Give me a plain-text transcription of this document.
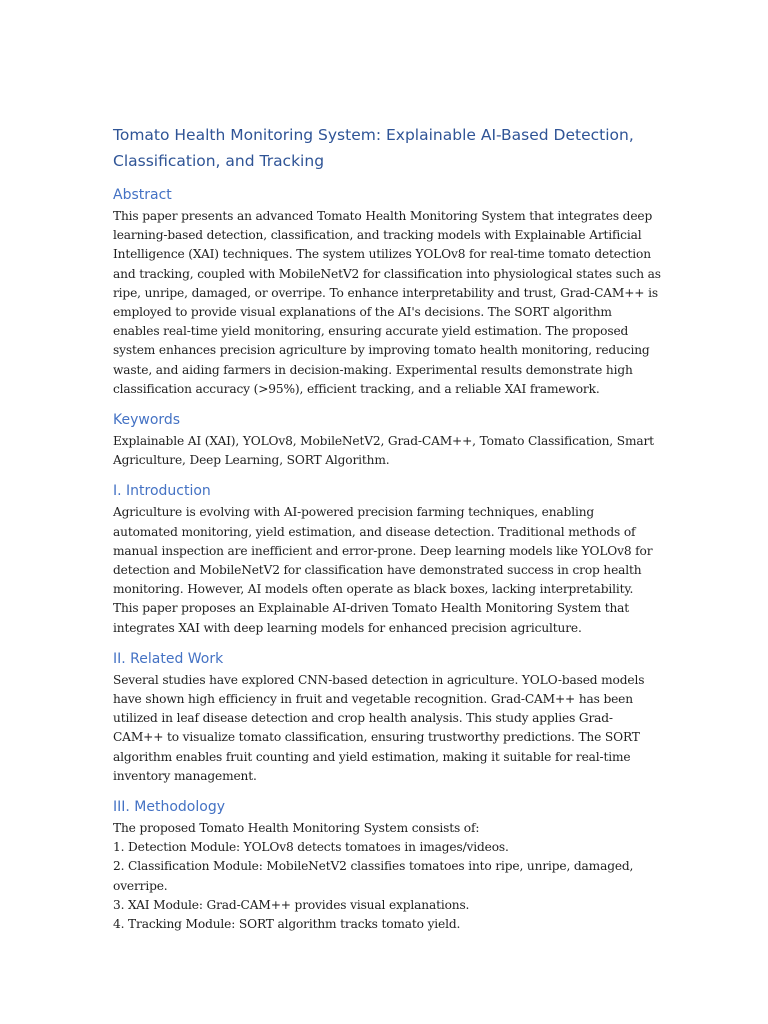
Tomato Health Monitoring System: Explainable AI-Based Detection, Classification, and Tracking
Abstract

This paper presents an advanced Tomato Health Monitoring System that integrates deep learning-based detection, classification, and tracking models with Explainable Artificial Intelligence (XAI) techniques. The system utilizes YOLOv8 for real-time tomato detection and tracking, coupled with MobileNetV2 for classification into physiological states such as ripe, unripe, damaged, or overripe. To enhance interpretability and trust, Grad-CAM++ is employed to provide visual explanations of the AI's decisions. The SORT algorithm enables real-time yield monitoring, ensuring accurate yield estimation. The proposed system enhances precision agriculture by improving tomato health monitoring, reducing waste, and aiding farmers in decision-making. Experimental results demonstrate high classification accuracy (>95%), efficient tracking, and a reliable XAI framework.

Keywords

Explainable AI (XAI), YOLOv8, MobileNetV2, Grad-CAM++, Tomato Classification, Smart Agriculture, Deep Learning, SORT Algorithm.

I. Introduction

Agriculture is evolving with AI-powered precision farming techniques, enabling automated monitoring, yield estimation, and disease detection. Traditional methods of manual inspection are inefficient and error-prone. Deep learning models like YOLOv8 for detection and MobileNetV2 for classification have demonstrated success in crop health monitoring. However, AI models often operate as black boxes, lacking interpretability. This paper proposes an Explainable AI-driven Tomato Health Monitoring System that integrates XAI with deep learning models for enhanced precision agriculture.

II. Related Work

Several studies have explored CNN-based detection in agriculture. YOLO-based models have shown high efficiency in fruit and vegetable recognition. Grad-CAM++ has been utilized in leaf disease detection and crop health analysis. This study applies Grad-CAM++ to visualize tomato classification, ensuring trustworthy predictions. The SORT algorithm enables fruit counting and yield estimation, making it suitable for real-time inventory management.

III. Methodology

The proposed Tomato Health Monitoring System consists of:

1. Detection Module: YOLOv8 detects tomatoes in images/videos.

2. Classification Module: MobileNetV2 classifies tomatoes into ripe, unripe, damaged, overripe.

3. XAI Module: Grad-CAM++ provides visual explanations.

4. Tracking Module: SORT algorithm tracks tomato yield.
